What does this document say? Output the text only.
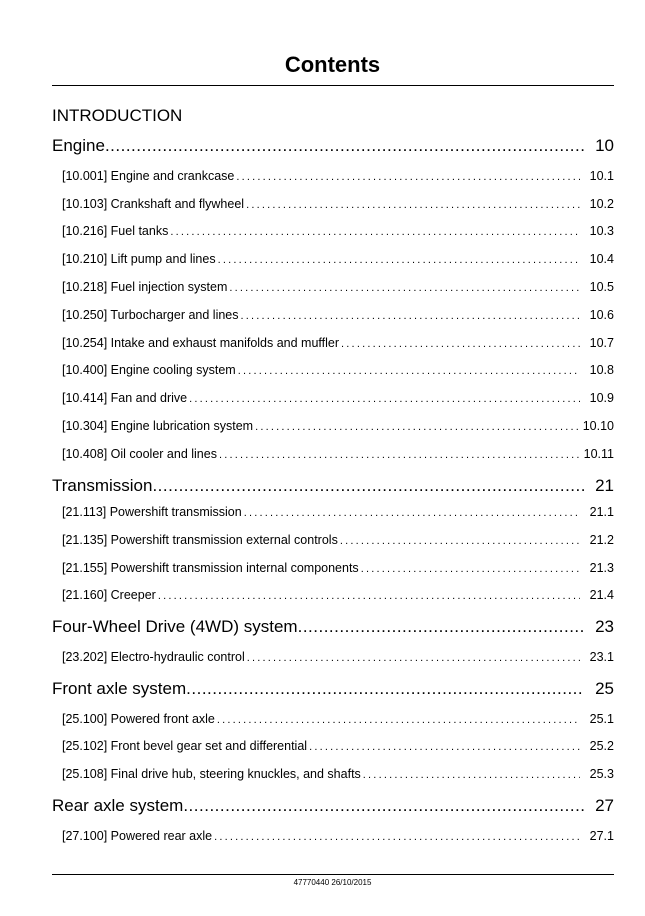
Contents
INTRODUCTION
Engine .....	10
[10.001] Engine and crankcase .....	10.1
[10.103] Crankshaft and flywheel .....	10.2
[10.216] Fuel tanks .....	10.3
[10.210] Lift pump and lines .....	10.4
[10.218] Fuel injection system .....	10.5
[10.250] Turbocharger and lines .....	10.6
[10.254] Intake and exhaust manifolds and muffler .....	10.7
[10.400] Engine cooling system .....	10.8
[10.414] Fan and drive .....	10.9
[10.304] Engine lubrication system .....	10.10
[10.408] Oil cooler and lines .....	10.11
Transmission .....	21
[21.113] Powershift transmission .....	21.1
[21.135] Powershift transmission external controls .....	21.2
[21.155] Powershift transmission internal components .....	21.3
[21.160] Creeper .....	21.4
Four-Wheel Drive (4WD) system .....	23
[23.202] Electro-hydraulic control .....	23.1
Front axle system .....	25
[25.100] Powered front axle .....	25.1
[25.102] Front bevel gear set and differential .....	25.2
[25.108] Final drive hub, steering knuckles, and shafts .....	25.3
Rear axle system .....	27
[27.100] Powered rear axle .....	27.1
47770440 26/10/2015
